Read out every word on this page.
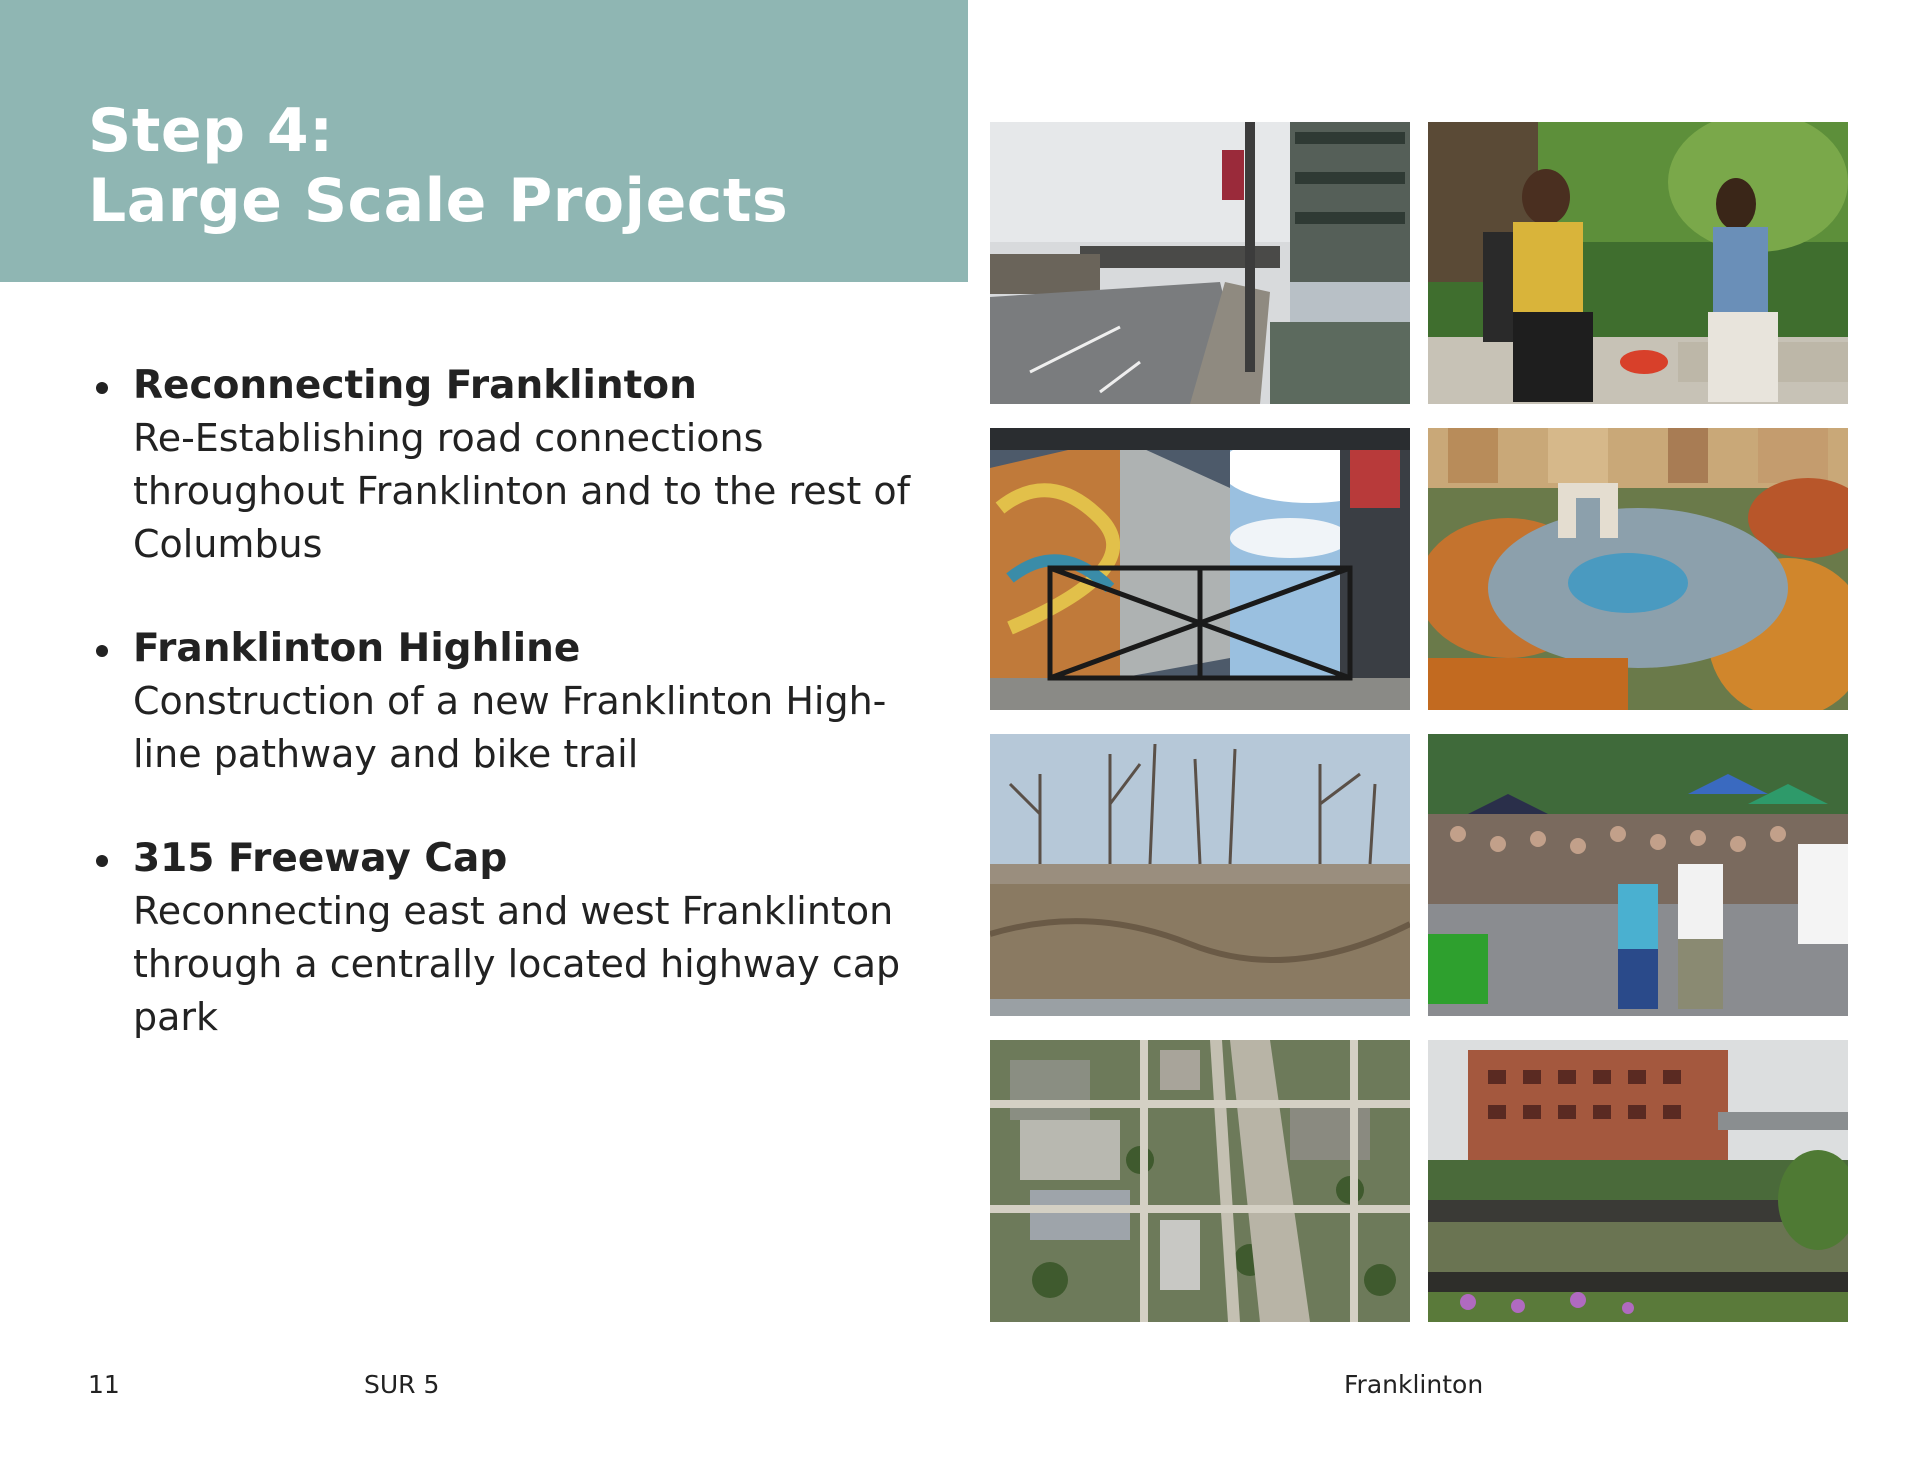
Step 4:
Large Scale Projects

Reconnecting Franklinton

Re-Establishing road connections

throughout Franklinton and to the rest of

Columbus

Franklinton Highline

Construction of a new Franklinton High-

line pathway and bike trail

315 Freeway Cap

Reconnecting east and west Franklinton

through a centrally located highway cap

park

11	SUR 5	Franklinton
